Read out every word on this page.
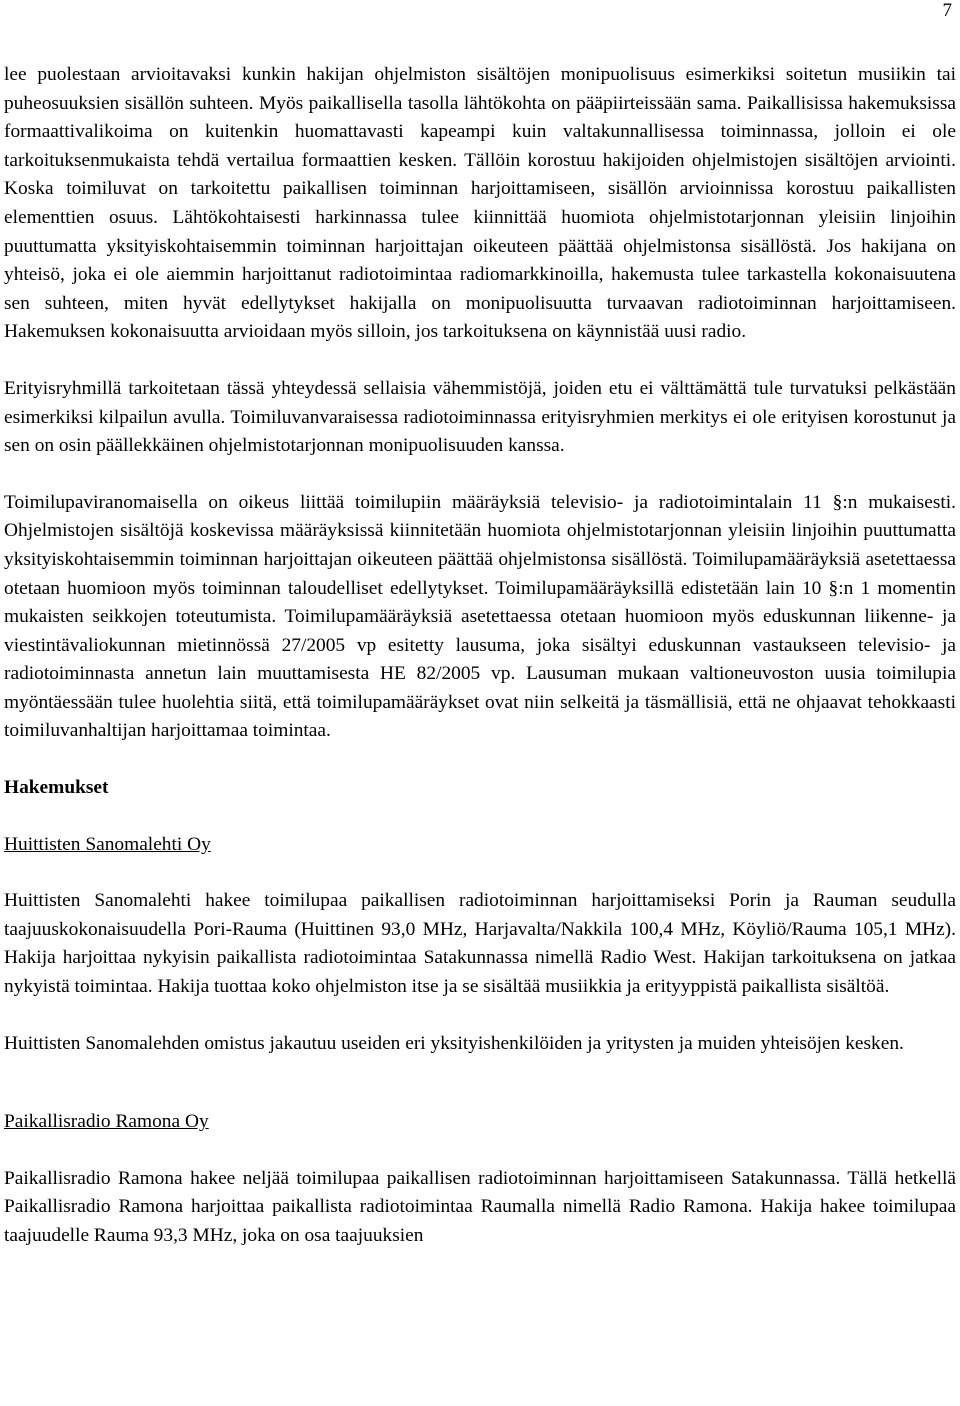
7

lee puolestaan arvioitavaksi kunkin hakijan ohjelmiston sisältöjen monipuolisuus esimerkiksi soitetun musiikin tai puheosuuksien sisällön suhteen. Myös paikallisella tasolla lähtökohta on pääpiirteissään sama. Paikallisissa hakemuksissa formaattivalikoima on kuitenkin huomattavasti kapeampi kuin valtakunnallisessa toiminnassa, jolloin ei ole tarkoituksenmukaista tehdä vertailua formaattien kesken. Tällöin korostuu hakijoiden ohjelmistojen sisältöjen arviointi. Koska toimiluvat on tarkoitettu paikallisen toiminnan harjoittamiseen, sisällön arvioinnissa korostuu paikallisten elementtien osuus. Lähtökohtaisesti harkinnassa tulee kiinnittää huomiota ohjelmistotarjonnan yleisiin linjoihin puuttumatta yksityiskohtaisemmin toiminnan harjoittajan oikeuteen päättää ohjelmistonsa sisällöstä. Jos hakijana on yhteisö, joka ei ole aiemmin harjoittanut radiotoimintaa radiomarkkinoilla, hakemusta tulee tarkastella kokonaisuutena sen suhteen, miten hyvät edellytykset hakijalla on monipuolisuutta turvaavan radiotoiminnan harjoittamiseen. Hakemuksen kokonaisuutta arvioidaan myös silloin, jos tarkoituksena on käynnistää uusi radio.

Erityisryhmillä tarkoitetaan tässä yhteydessä sellaisia vähemmistöjä, joiden etu ei välttämättä tule turvatuksi pelkästään esimerkiksi kilpailun avulla. Toimiluvanvaraisessa radiotoiminnassa erityisryhmien merkitys ei ole erityisen korostunut ja sen on osin päällekkäinen ohjelmistotarjonnan monipuolisuuden kanssa.

Toimilupaviranomaisella on oikeus liittää toimilupiin määräyksiä televisio- ja radiotoimintalain 11 §:n mukaisesti. Ohjelmistojen sisältöjä koskevissa määräyksissä kiinnitetään huomiota ohjelmistotarjonnan yleisiin linjoihin puuttumatta yksityiskohtaisemmin toiminnan harjoittajan oikeuteen päättää ohjelmistonsa sisällöstä. Toimilupamääräyksiä asetettaessa otetaan huomioon myös toiminnan taloudelliset edellytykset. Toimilupamääräyksillä edistetään lain 10 §:n 1 momentin mukaisten seikkojen toteutumista. Toimilupamääräyksiä asetettaessa otetaan huomioon myös eduskunnan liikenne- ja viestintävaliokunnan mietinnössä 27/2005 vp esitetty lausuma, joka sisältyi eduskunnan vastaukseen televisio- ja radiotoiminnasta annetun lain muuttamisesta HE 82/2005 vp. Lausuman mukaan valtioneuvoston uusia toimilupia myöntäessään tulee huolehtia siitä, että toimilupamääräykset ovat niin selkeitä ja täsmällisiä, että ne ohjaavat tehokkaasti toimiluvanhaltijan harjoittamaa toimintaa.

Hakemukset

Huittisten Sanomalehti Oy

Huittisten Sanomalehti hakee toimilupaa paikallisen radiotoiminnan harjoittamiseksi Porin ja Rauman seudulla taajuuskokonaisuudella Pori-Rauma (Huittinen 93,0 MHz, Harjavalta/Nakkila 100,4 MHz, Köyliö/Rauma 105,1 MHz). Hakija harjoittaa nykyisin paikallista radiotoimintaa Satakunnassa nimellä Radio West. Hakijan tarkoituksena on jatkaa nykyistä toimintaa. Hakija tuottaa koko ohjelmiston itse ja se sisältää musiikkia ja erityyppistä paikallista sisältöä.

Huittisten Sanomalehden omistus jakautuu useiden eri yksityishenkilöiden ja yritysten ja muiden yhteisöjen kesken.

Paikallisradio Ramona Oy

Paikallisradio Ramona hakee neljää toimilupaa paikallisen radiotoiminnan harjoittamiseen Satakunnassa. Tällä hetkellä Paikallisradio Ramona harjoittaa paikallista radiotoimintaa Raumalla nimellä Radio Ramona. Hakija hakee toimilupaa taajuudelle Rauma 93,3 MHz, joka on osa taajuuksien
